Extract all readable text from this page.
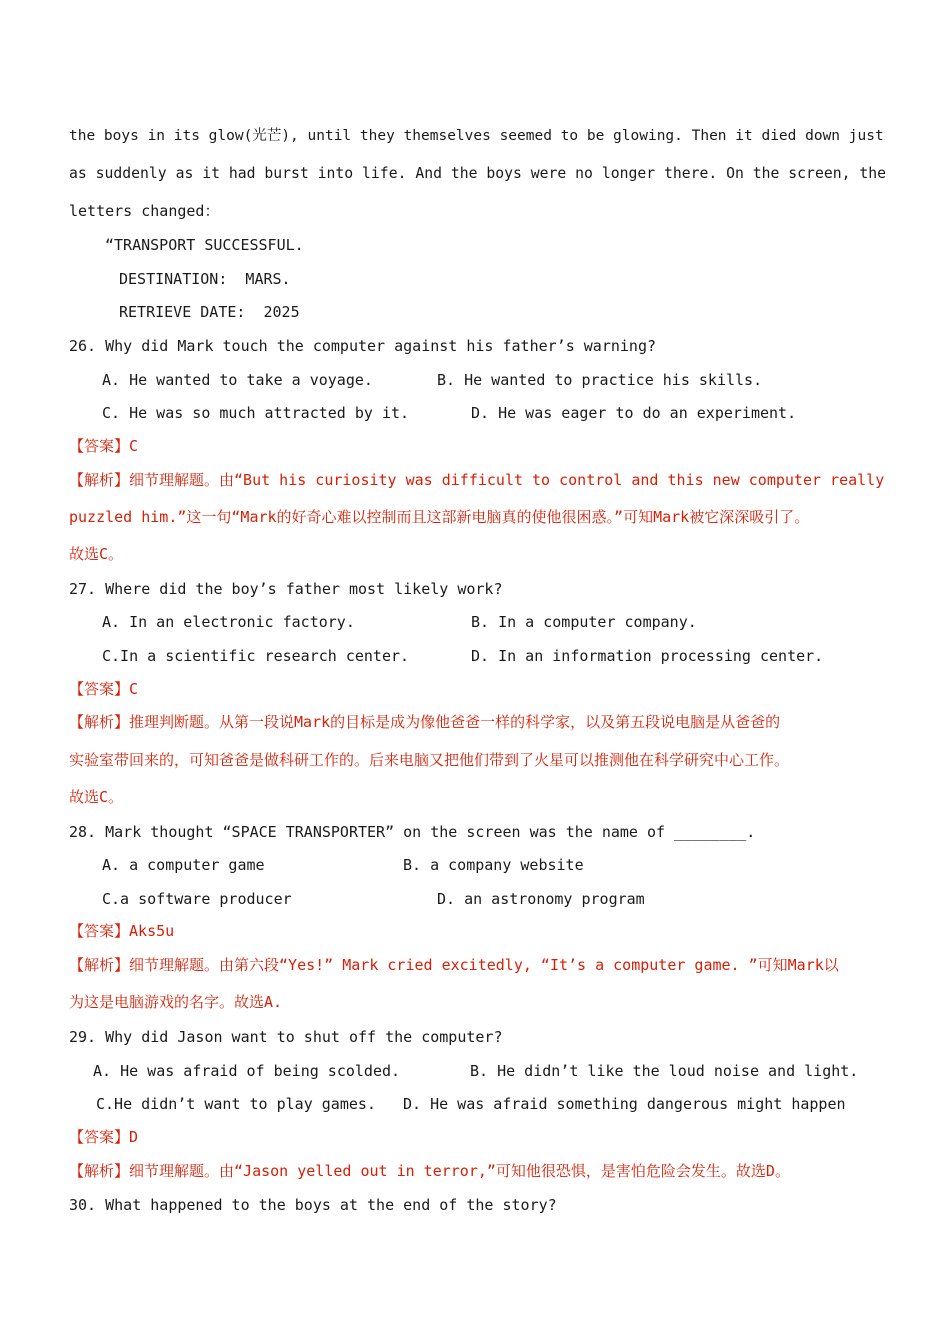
the boys in its glow(光芒), until they themselves seemed to be glowing. Then it died down just
as suddenly as it had burst into life. And the boys were no longer there. On the screen, the
letters changed：
“TRANSPORT SUCCESSFUL.
DESTINATION:  MARS.
RETRIEVE DATE:  2025
26. Why did Mark touch the computer against his father’s warning?
A. He wanted to take a voyage.	B. He wanted to practice his skills.
C. He was so much attracted by it.	D. He was eager to do an experiment.
【答案】C
【解析】细节理解题。由“But his curiosity was difficult to control and this new computer really
puzzled him.”这一句“Mark的好奇心难以控制而且这部新电脑真的使他很困惑。”可知Mark被它深深吸引了。
故选C。
27. Where did the boy’s father most likely work?
A. In an electronic factory.	B. In a computer company.
C.In a scientific research center.	D. In an information processing center.
【答案】C
【解析】推理判断题。从第一段说Mark的目标是成为像他爸爸一样的科学家，以及第五段说电脑是从爸爸的
实验室带回来的，可知爸爸是做科研工作的。后来电脑又把他们带到了火星可以推测他在科学研究中心工作。
故选C。
28. Mark thought “SPACE TRANSPORTER” on the screen was the name of ________.
A. a computer game	B. a company website
C.a software producer	D. an astronomy program
【答案】Aks5u
【解析】细节理解题。由第六段“Yes!” Mark cried excitedly, “It’s a computer game. ”可知Mark以
为这是电脑游戏的名字。故选A.
29. Why did Jason want to shut off the computer?
A. He was afraid of being scolded.	B. He didn’t like the loud noise and light.
C.He didn’t want to play games. D. He was afraid something dangerous might happen
【答案】D
【解析】细节理解题。由“Jason yelled out in terror,”可知他很恐惧，是害怕危险会发生。故选D。
30. What happened to the boys at the end of the story?
